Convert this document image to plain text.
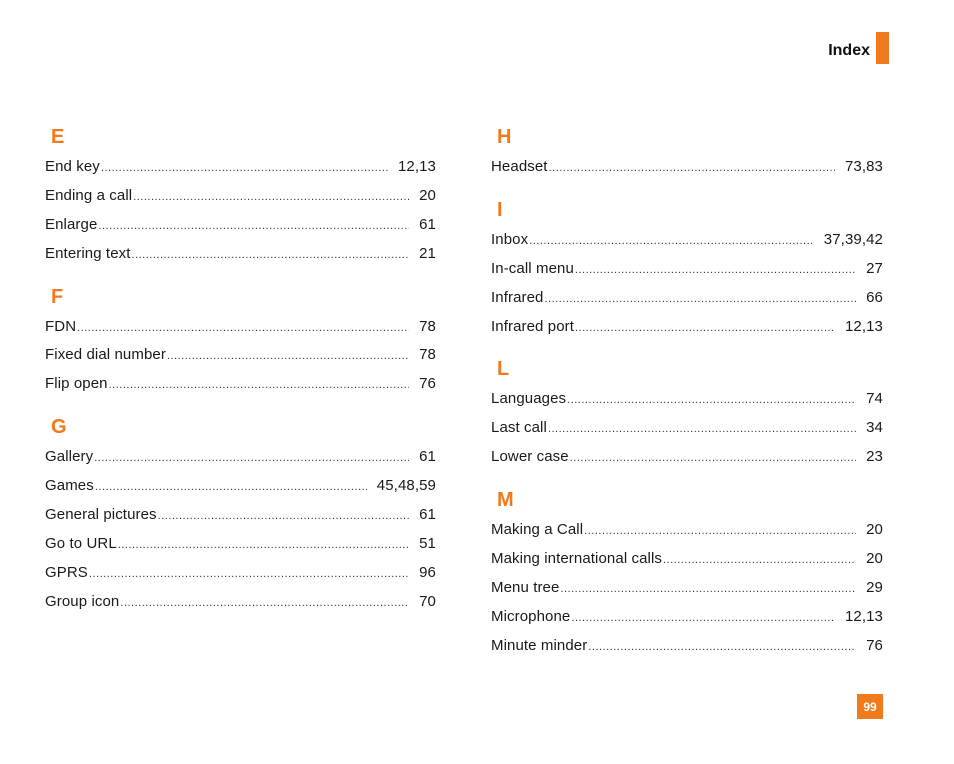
Index
E
End key .....	12,13
Ending a call .....	20
Enlarge .....	61
Entering text .....	21
F
FDN .....	78
Fixed dial number .....	78
Flip open .....	76
G
Gallery .....	61
Games .....	45,48,59
General pictures .....	61
Go to URL .....	51
GPRS .....	96
Group icon .....	70
H
Headset .....	73,83
I
Inbox .....	37,39,42
In-call menu .....	27
Infrared .....	66
Infrared port .....	12,13
L
Languages .....	74
Last call .....	34
Lower case .....	23
M
Making a Call .....	20
Making international calls .....	20
Menu tree .....	29
Microphone .....	12,13
Minute minder .....	76
99
